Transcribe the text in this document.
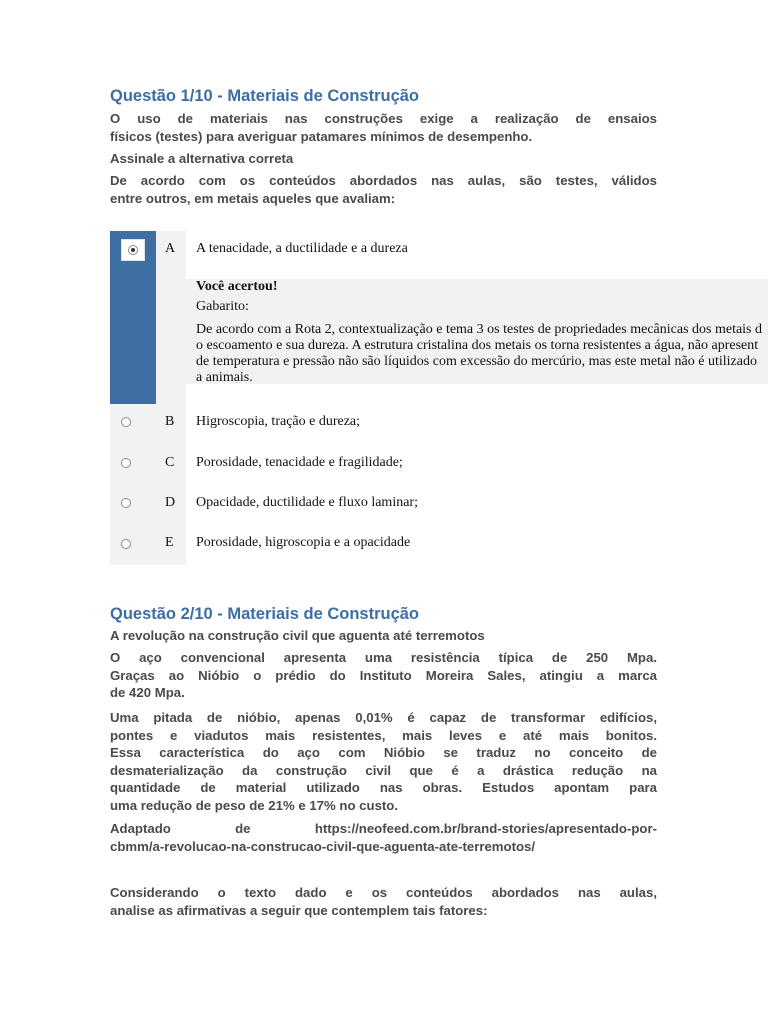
Questão 1/10 - Materiais de Construção

O uso de materiais nas construções exige a realização de ensaios
físicos (testes) para averiguar patamares mínimos de desempenho.

Assinale a alternativa correta

De acordo com os conteúdos abordados nas aulas, são testes, válidos
entre outros, em metais aqueles que avaliam:

A A tenacidade, a ductilidade e a dureza
Você acertou!
Gabarito:
De acordo com a Rota 2, contextualização e tema 3 os testes de propriedades mecânicas dos metais d
o escoamento e sua dureza. A estrutura cristalina dos metais os torna resistentes a água, não apresent
de temperatura e pressão não são líquidos com excessão do mercúrio, mas este metal não é utilizado
a animais.
B Higroscopia, tração e dureza;
C Porosidade, tenacidade e fragilidade;
D Opacidade, ductilidade e fluxo laminar;
E Porosidade, higroscopia e a opacidade
Questão 2/10 - Materiais de Construção

A revolução na construção civil que aguenta até terremotos

O aço convencional apresenta uma resistência típica de 250 Mpa.
Graças ao Nióbio o prédio do Instituto Moreira Sales, atingiu a marca
de 420 Mpa.

Uma pitada de nióbio, apenas 0,01% é capaz de transformar edifícios,
pontes e viadutos mais resistentes, mais leves e até mais bonitos.
Essa característica do aço com Nióbio se traduz no conceito de
desmaterialização da construção civil que é a drástica redução na
quantidade de material utilizado nas obras. Estudos apontam para
uma redução de peso de 21% e 17% no custo.

Adaptado de https://neofeed.com.br/brand-stories/apresentado-por-
cbmm/a-revolucao-na-construcao-civil-que-aguenta-ate-terremotos/

Considerando o texto dado e os conteúdos abordados nas aulas,
analise as afirmativas a seguir que contemplem tais fatores:
